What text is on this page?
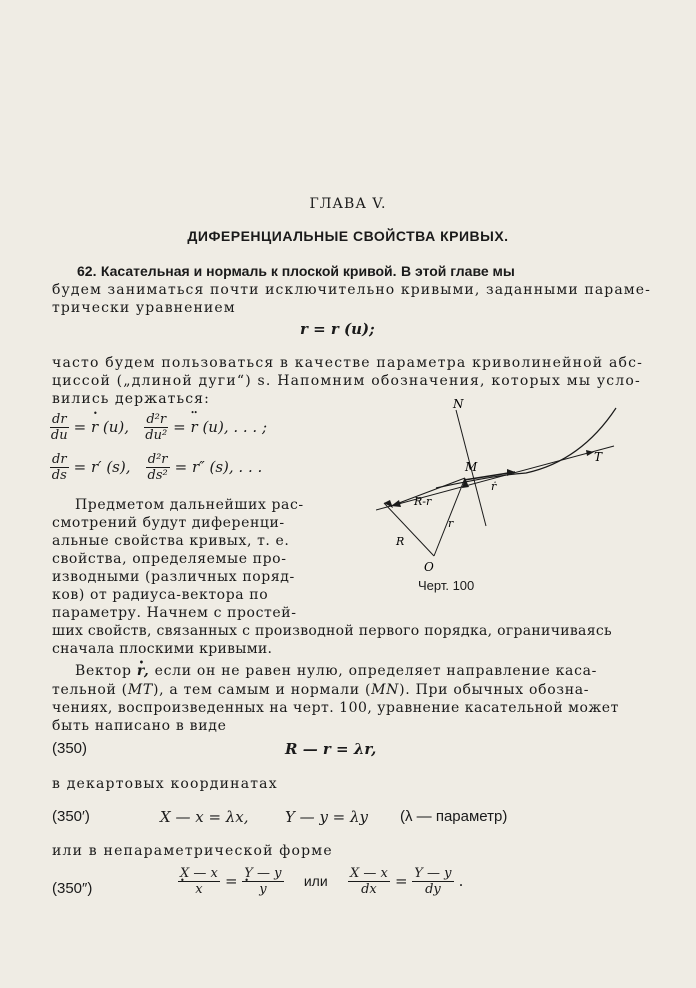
ГЛАВА V.
ДИФЕРЕНЦИАЛЬНЫЕ СВОЙСТВА КРИВЫХ.
62. Касательная и нормаль к плоской кривой. В этой главе мы
будем заниматься почти исключительно кривыми, заданными параме-
трически уравнением
r = r (u);
часто будем пользоваться в качестве параметра криволинейной абс-
циссой („длиной дуги“) s. Напомним обозначения, которых мы усло-
вились держаться:
$\frac{dr}{du}$ = • r (u), $\frac{\text{d²r}}{\text{du²}}$ = •• r (u), . . . ;
$\frac{dr}{ds} = r'$ (s), $\frac{\text{d²r}}{\text{ds²}} = r''$ (s), . . .
Предметом дальнейших рас-
смотрений будут диференци-
альные свойства кривых, т. е.
свойства, определяемые про-
изводными (различных поряд-
ков) от радиуса-вектора по
параметру. Начнем с простей-
ших свойств, связанных с производной первого порядка, ограничиваясь
сначала плоскими кривыми.
N
M
T
O
R-r
r
R
ṙ
Черт. 100
Вектор • r, если он не равен нулю, определяет направление каса-
тельной (MT), а тем самым и нормали (MN). При обычных обозна-
чениях, воспроизведенных на черт. 100, уравнение касательной может
быть написано в виде
(350)	R — r = λr,
в декартовых координатах
(350′)	X — x = λx, Y — y = λy (λ — параметр)
или в непараметрической форме
(350″)	X — x
• x = Y — y
• y или $\frac{X — x}{dx} = \frac{Y — y}{dy}$ .
